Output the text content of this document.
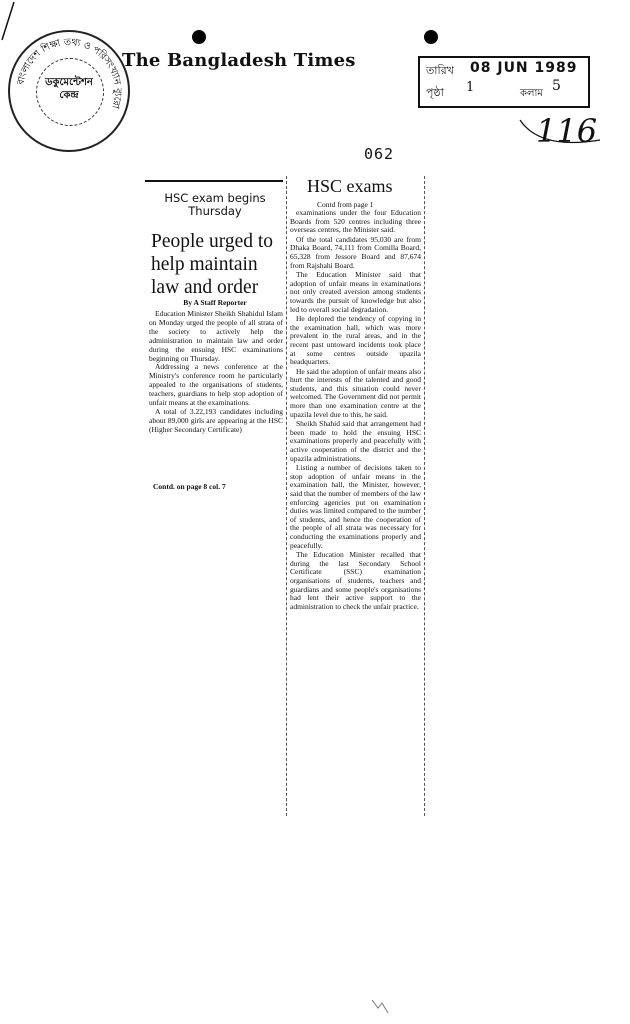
বাংলাদেশ শিক্ষা তথ্য ও পরিসংখ্যান ব্যুরো
ডকুমেন্টেশন কেন্দ্র
The Bangladesh Times	তারিখ 08 JUN 1989
পৃষ্ঠা 1	কলাম 5
116
062
HSC exam begins Thursday
People urged to help maintain law and order
By A Staff Reporter

Education Minister Sheikh Shahidul Islam on Monday urged the people of all strata of the society to actively help the administration to maintain law and order during the ensuing HSC examinations beginning on Thursday.

Addressing a news conference at the Ministry's conference room he particularly appealed to the organisations of students, teachers, guardians to help stop adoption of unfair means at the examinations.

A total of 3.22,193 candidates including about 89,000 girls are appearing at the HSC (Higher Secondary Certificate)

Contd. on page 8 col. 7
HSC exams
Contd from page 1

examinations under the four Education Boards from 520 centres including three overseas centres, the Minister said.

Of the total candidates 95,030 are from Dhaka Board, 74,111 from Comilla Board, 65,328 from Jessore Board and 87,674 from Rajshahi Board.

The Education Minister said that adoption of unfair means in examinations not only created aversion among students towards the pursuit of knowledge but also led to overall social degradation.

He deplored the tendency of copying in the examination hall, which was more prevalent in the rural areas, and in the recent past untoward incidents took place at some centres outside upazila headquarters.

He said the adoption of unfair means also hurt the interests of the talented and good students, and this situation could never welcomed. The Government did not permit more than one examination centre at the upazila level due to this, he said.

Sheikh Shahid said that arrangement had been made to hold the ensuing HSC examinations properly and peacefully with active cooperation of the district and the upazila administrations.

Listing a number of decisions taken to stop adoption of unfair means in the examination hall, the Minister, however, said that the number of members of the law enforcing agencies put on examination duties was limited compared to the number of students, and hence the cooperation of the people of all strata was necessary for conducting the examinations properly and peacefully.

The Education Minister recalled that during the last Secondary School Certificate (SSC) examination organisations of students, teachers and guardians and some people's organisations had lent their active support to the administration to check the unfair practice.
